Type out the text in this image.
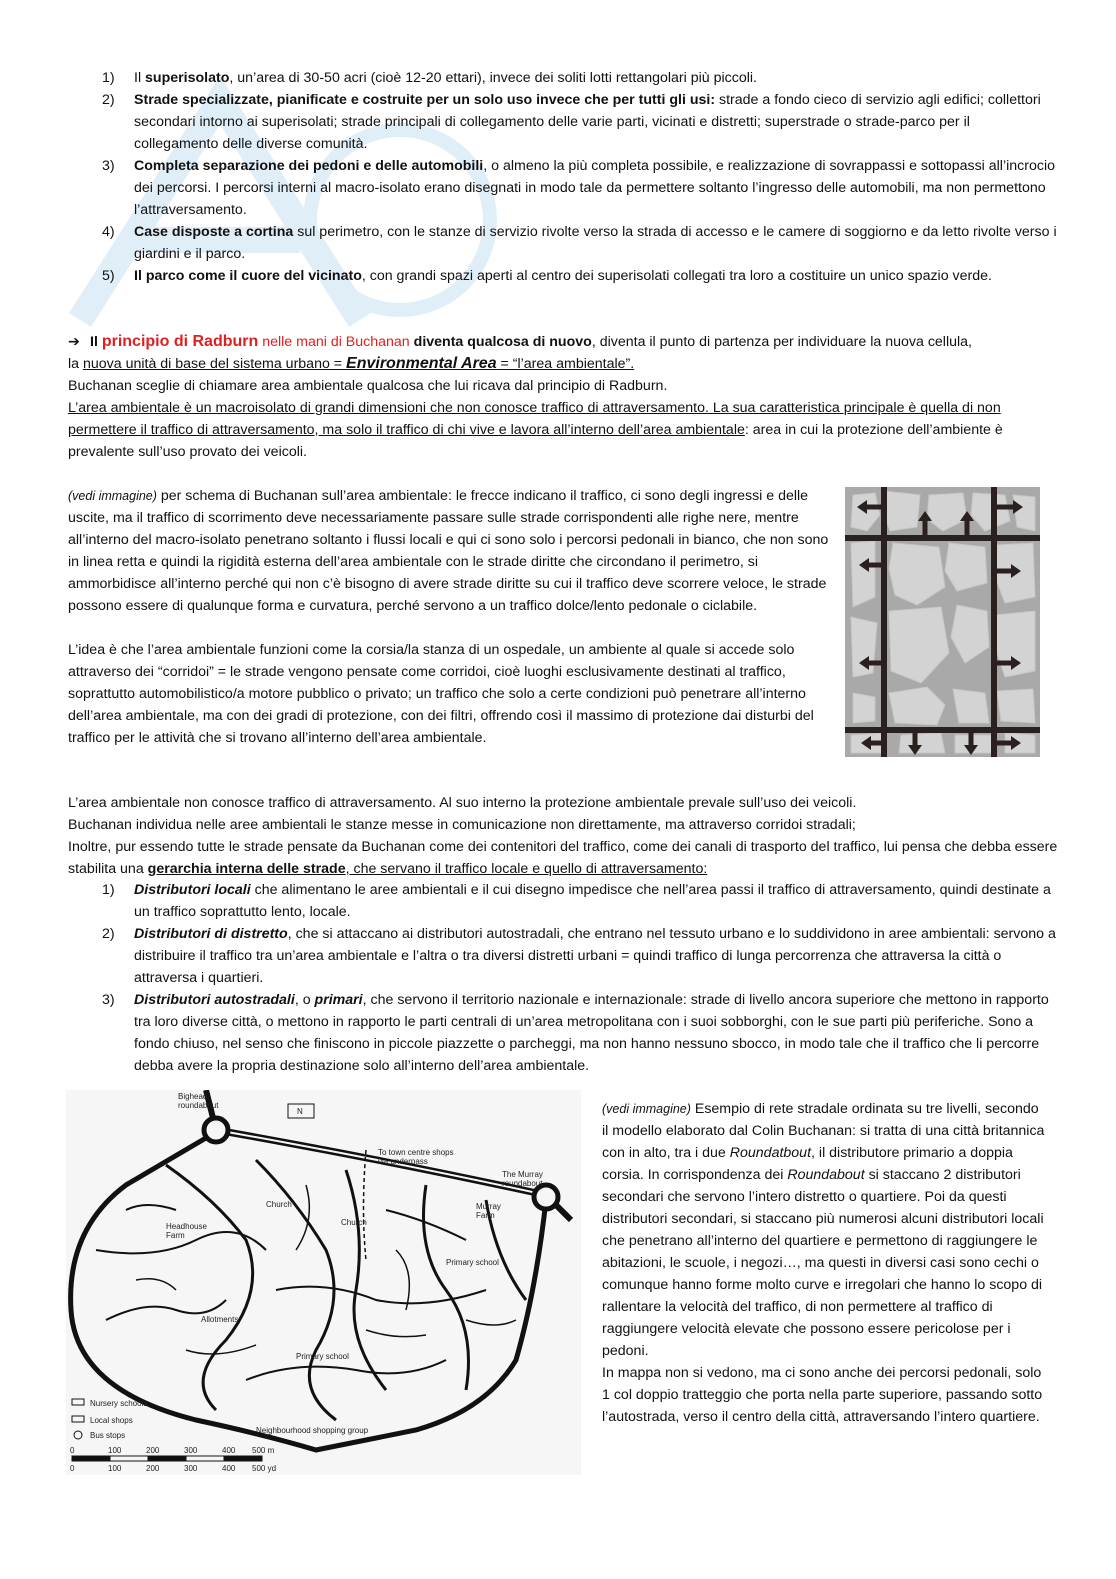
1) Il superisolato, un’area di 30-50 acri (cioè 12-20 ettari), invece dei soliti lotti rettangolari più piccoli.
2) Strade specializzate, pianificate e costruite per un solo uso invece che per tutti gli usi: strade a fondo cieco di servizio agli edifici; collettori secondari intorno ai superisolati; strade principali di collegamento delle varie parti, vicinati e distretti; superstrade o strade-parco per il collegamento delle diverse comunità.
3) Completa separazione dei pedoni e delle automobili, o almeno la più completa possibile, e realizzazione di sovrappassi e sottopassi all’incrocio dei percorsi. I percorsi interni al macro-isolato erano disegnati in modo tale da permettere soltanto l’ingresso delle automobili, ma non permettono l’attraversamento.
4) Case disposte a cortina sul perimetro, con le stanze di servizio rivolte verso la strada di accesso e le camere di soggiorno e da letto rivolte verso i giardini e il parco.
5) Il parco come il cuore del vicinato, con grandi spazi aperti al centro dei superisolati collegati tra loro a costituire un unico spazio verde.
➔ Il principio di Radburn nelle mani di Buchanan diventa qualcosa di nuovo, diventa il punto di partenza per individuare la nuova cellula,
la nuova unità di base del sistema urbano = Environmental Area = “l’area ambientale”.
Buchanan sceglie di chiamare area ambientale qualcosa che lui ricava dal principio di Radburn.
L’area ambientale è un macroisolato di grandi dimensioni che non conosce traffico di attraversamento. La sua caratteristica principale è quella di non permettere il traffico di attraversamento, ma solo il traffico di chi vive e lavora all’interno dell’area ambientale: area in cui la protezione dell’ambiente è prevalente sull’uso provato dei veicoli.
(vedi immagine) per schema di Buchanan sull’area ambientale: le frecce indicano il traffico, ci sono degli ingressi e delle uscite, ma il traffico di scorrimento deve necessariamente passare sulle strade corrispondenti alle righe nere, mentre all’interno del macro-isolato penetrano soltanto i flussi locali e qui ci sono solo i percorsi pedonali in bianco, che non sono in linea retta e quindi la rigidità esterna dell’area ambientale con le strade diritte che circondano il perimetro, si ammorbidisce all’interno perché qui non c’è bisogno di avere strade diritte su cui il traffico deve scorrere veloce, le strade possono essere di qualunque forma e curvatura, perché servono a un traffico dolce/lento pedonale o ciclabile.
L’idea è che l’area ambientale funzioni come la corsia/la stanza di un ospedale, un ambiente al quale si accede solo attraverso dei “corridoi” = le strade vengono pensate come corridoi, cioè luoghi esclusivamente destinati al traffico, soprattutto automobilistico/a motore pubblico o privato; un traffico che solo a certe condizioni può penetrare all’interno dell’area ambientale, ma con dei gradi di protezione, con dei filtri, offrendo così il massimo di protezione dai disturbi del traffico per le attività che si trovano all’interno dell’area ambientale.
L’area ambientale non conosce traffico di attraversamento. Al suo interno la protezione ambientale prevale sull’uso dei veicoli.
Buchanan individua nelle aree ambientali le stanze messe in comunicazione non direttamente, ma attraverso corridoi stradali;
Inoltre, pur essendo tutte le strade pensate da Buchanan come dei contenitori del traffico, come dei canali di trasporto del traffico, lui pensa che debba essere stabilita una gerarchia interna delle strade, che servano il traffico locale e quello di attraversamento:
1) Distributori locali che alimentano le aree ambientali e il cui disegno impedisce che nell’area passi il traffico di attraversamento, quindi destinate a un traffico soprattutto lento, locale.
2) Distributori di distretto, che si attaccano ai distributori autostradali, che entrano nel tessuto urbano e lo suddividono in aree ambientali: servono a distribuire il traffico tra un’area ambientale e l’altra o tra diversi distretti urbani = quindi traffico di lunga percorrenza che attraversa la città o attraversa i quartieri.
3) Distributori autostradali, o primari, che servono il territorio nazionale e internazionale: strade di livello ancora superiore che mettono in rapporto tra loro diverse città, o mettono in rapporto le parti centrali di un’area metropolitana con i suoi sobborghi, con le sue parti più periferiche. Sono a fondo chiuso, nel senso che finiscono in piccole piazzette o parcheggi, ma non hanno nessuno sbocco, in modo tale che il traffico che li percorre debba avere la propria destinazione solo all’interno dell’area ambientale.
Bighead roundabout
N
To town centre shops via underpass
The Murray roundabout
Church
Church
Headhouse Farm
Murray Farm
Primary school
Primary school
Allotments
Neighbourhood shopping group
Nursery schools
Local shops
Bus stops
0	100	200	300	400 500 m
0	100	200	300	400 500 yd
(vedi immagine) Esempio di rete stradale ordinata su tre livelli, secondo il modello elaborato dal Colin Buchanan: si tratta di una città britannica con in alto, tra i due Roundatbout, il distributore primario a doppia corsia. In corrispondenza dei Roundabout si staccano 2 distributori secondari che servono l’intero distretto o quartiere. Poi da questi distributori secondari, si staccano più numerosi alcuni distributori locali che penetrano all’interno del quartiere e permettono di raggiungere le abitazioni, le scuole, i negozi…, ma questi in diversi casi sono cechi o comunque hanno forme molto curve e irregolari che hanno lo scopo di rallentare la velocità del traffico, di non permettere al traffico di raggiungere velocità elevate che possono essere pericolose per i pedoni.
In mappa non si vedono, ma ci sono anche dei percorsi pedonali, solo 1 col doppio tratteggio che porta nella parte superiore, passando sotto l’autostrada, verso il centro della città, attraversando l’intero quartiere.
